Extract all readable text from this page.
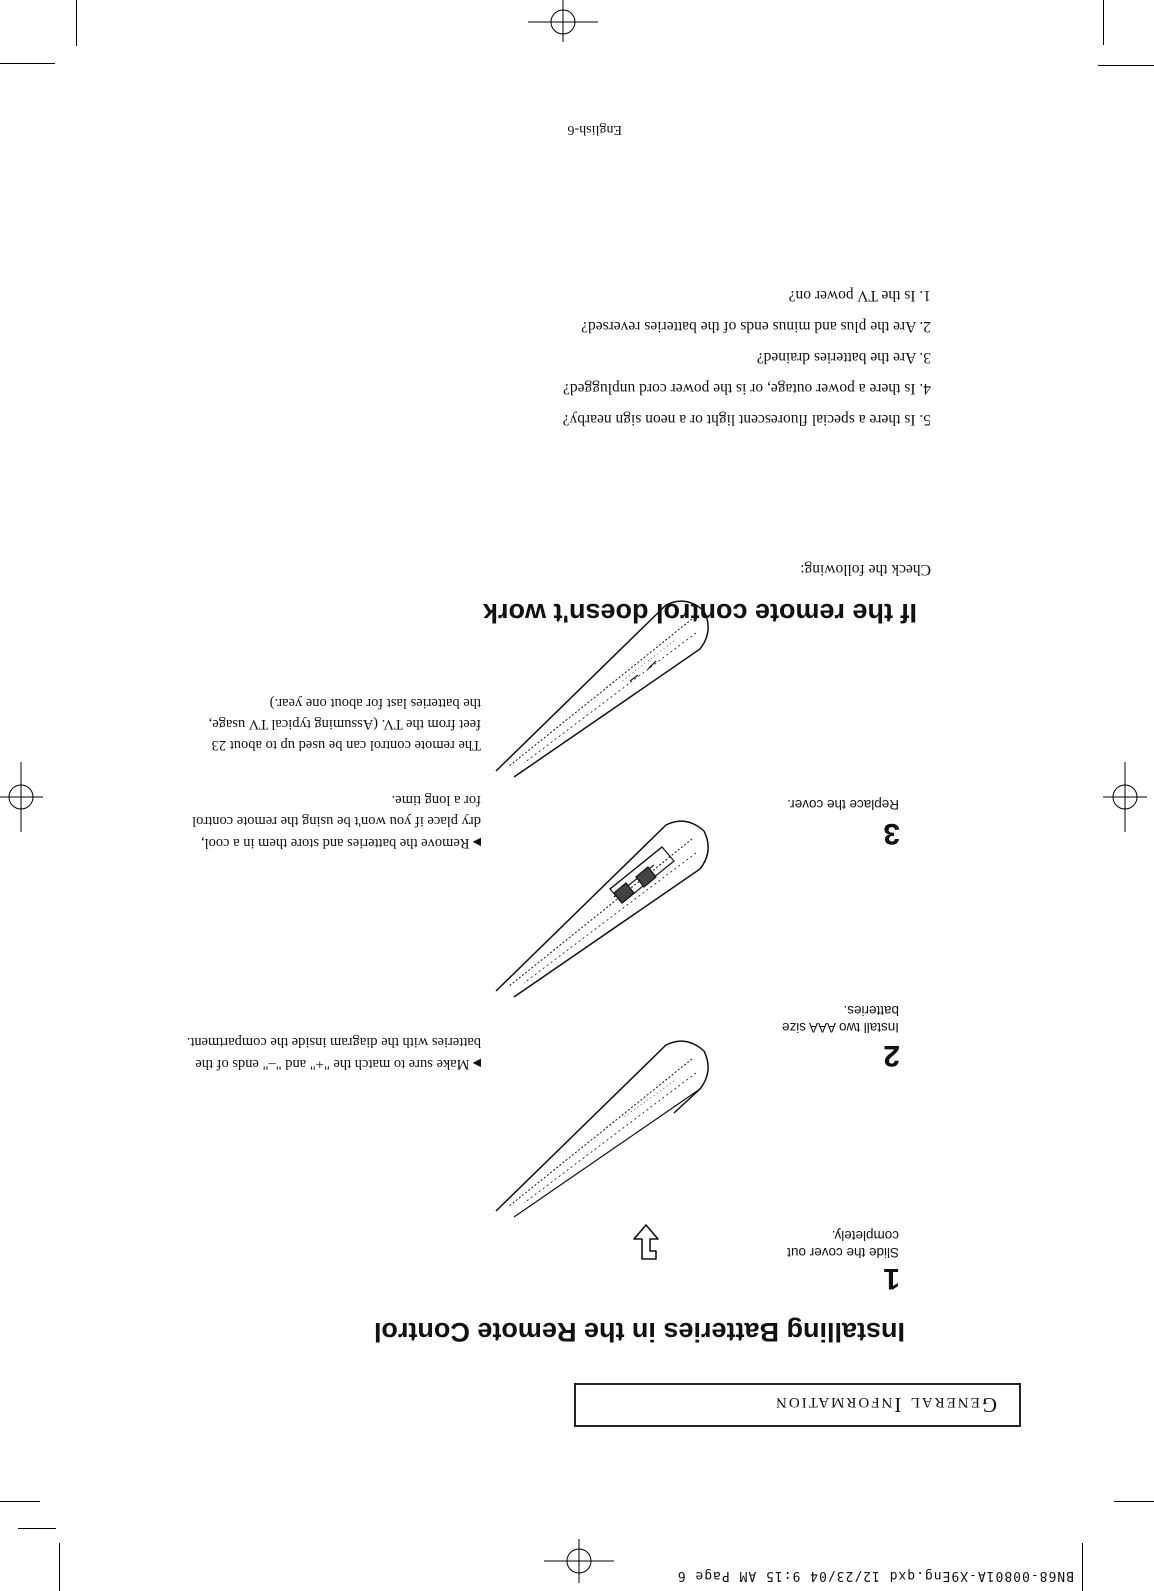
BN68-00801A-X9Eng.qxd 12/23/04 9:15 AM Page 6
General Information
Installing Batteries in the Remote Control
1
Slide the cover out completely.
2
Install two AAA size batteries.
▶Make sure to match the "+" and "–" ends of the batteries with the diagram inside the compartment.
3
Replace the cover.
▶Remove the batteries and store them in a cool, dry place if you won't be using the remote control for a long time.
The remote control can be used up to about 23 feet from the TV. (Assuming typical TV usage, the batteries last for about one year.)
If the remote control doesn't work
Check the following:
5. Is there a special fluorescent light or a neon sign nearby?
4. Is there a power outage, or is the power cord unplugged?
3. Are the batteries drained?
2. Are the plus and minus ends of the batteries reversed?
1. Is the TV power on?
English-6
